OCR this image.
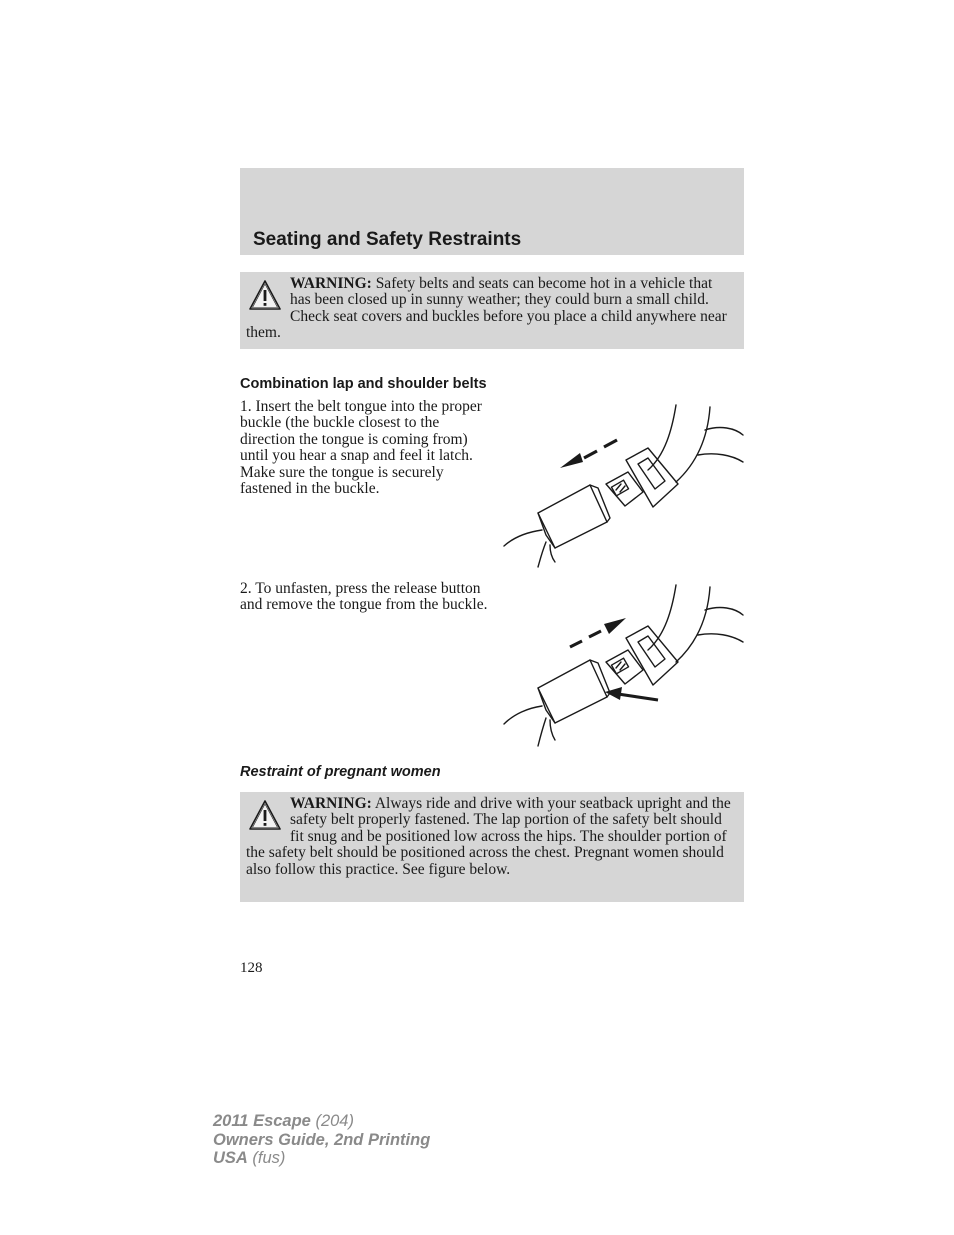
Seating and Safety Restraints
WARNING: Safety belts and seats can become hot in a vehicle that has been closed up in sunny weather; they could burn a small child. Check seat covers and buckles before you place a child anywhere near them.
Combination lap and shoulder belts

1. Insert the belt tongue into the proper buckle (the buckle closest to the direction the tongue is coming from) until you hear a snap and feel it latch. Make sure the tongue is securely fastened in the buckle.

2. To unfasten, press the release button and remove the tongue from the buckle.

Restraint of pregnant women
WARNING: Always ride and drive with your seatback upright and the safety belt properly fastened. The lap portion of the safety belt should fit snug and be positioned low across the hips. The shoulder portion of the safety belt should be positioned across the chest. Pregnant women should also follow this practice. See figure below.

128

2011 Escape (204)
Owners Guide, 2nd Printing
USA (fus)
